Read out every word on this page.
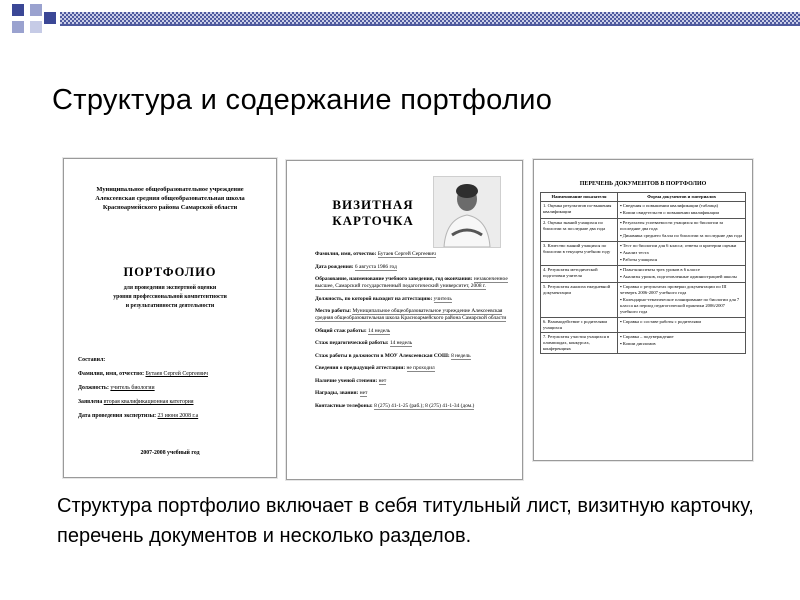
Структура и содержание портфолио
Муниципальное общеобразовательное учреждение
Алексеевская средняя общеобразовательная школа
Красноармейского района Самарской области
ПОРТФОЛИО
для проведения экспертной оценки
уровня профессиональной компетентности
и результативности деятельности
Составил:
Фамилия, имя, отчество: Бутаев Сергей Сергеевич
Должность: учитель биологии
Заявлена вторая квалификационная категория
Дата проведения экспертизы: 23 июня 2008 г.а
2007-2008 учебный год
ВИЗИТНАЯ
КАРТОЧКА
Фамилия, имя, отчество: Бутаев Сергей Сергеевич
Дата рождения: 6 августа 1986 год
Образование, наименование учебного заведения, год окончания: незаконченное высшее, Самарский государственный педагогический университет, 2008 г.
Должность, по которой выходит на аттестацию: учитель
Место работы: Муниципальное общеобразовательное учреждение Алексеевская средняя общеобразовательная школа Красноармейского района Самарской области
Общий стаж работы: 14 недель
Стаж педагогической работы: 14 недель
Стаж работы в должности в МОУ Алексеевская СОШ: 8 недель
Сведения о предыдущей аттестации: не проходил
Наличие ученой степени: нет
Награды, звания: нет
Контактные телефоны: 8 (275) 41-1-25 (раб.); 8 (275) 41-1-34 (дом.)
ПЕРЕЧЕНЬ ДОКУМЕНТОВ В ПОРТФОЛИО
Наименование показателя	Форма документов и материалов
1. Оценка результатов по-вышения квалификации	▪ Сведения о повышении квалификации (таблица)
▪ Копии свидетельств о повышении квалификации

2. Оценка знаний учащихся по биологии за последние два года	▪ Результаты успеваемости учащихся по биологии за последние два года
▪ Динамика среднего балла по биологии за последние два года

3. Качество знаний учащихся по биологии в текущем учебном году	▪ Тест по биологии для 6 класса; ответы и критерии оценки
▪ Анализ теста
▪ Работы учащихся

4. Результаты методической подготовки учителя	▪ План-конспекты трех уроков в 6 классе
▪ Анализы уроков, подготовленные администрацией школы

5. Результаты анализа ежедневной документации	▪ Справка о результатах проверки документации по III четверть 2006-2007 учебного года
▪ Календарно-тематическое планирование по биологии для 7 класса на период педагогической практики 2006/2007 учебного года

6. Взаимодействие с родителями учащихся	▪ Справка о составе работы с родителями

7. Результаты участия учащихся в олимпиадах, конкурсах, конференциях	▪ Справка – подтверждение
▪ Копии дипломов
Структура портфолио включает в себя титульный лист, визитную карточку, перечень документов и несколько разделов.
